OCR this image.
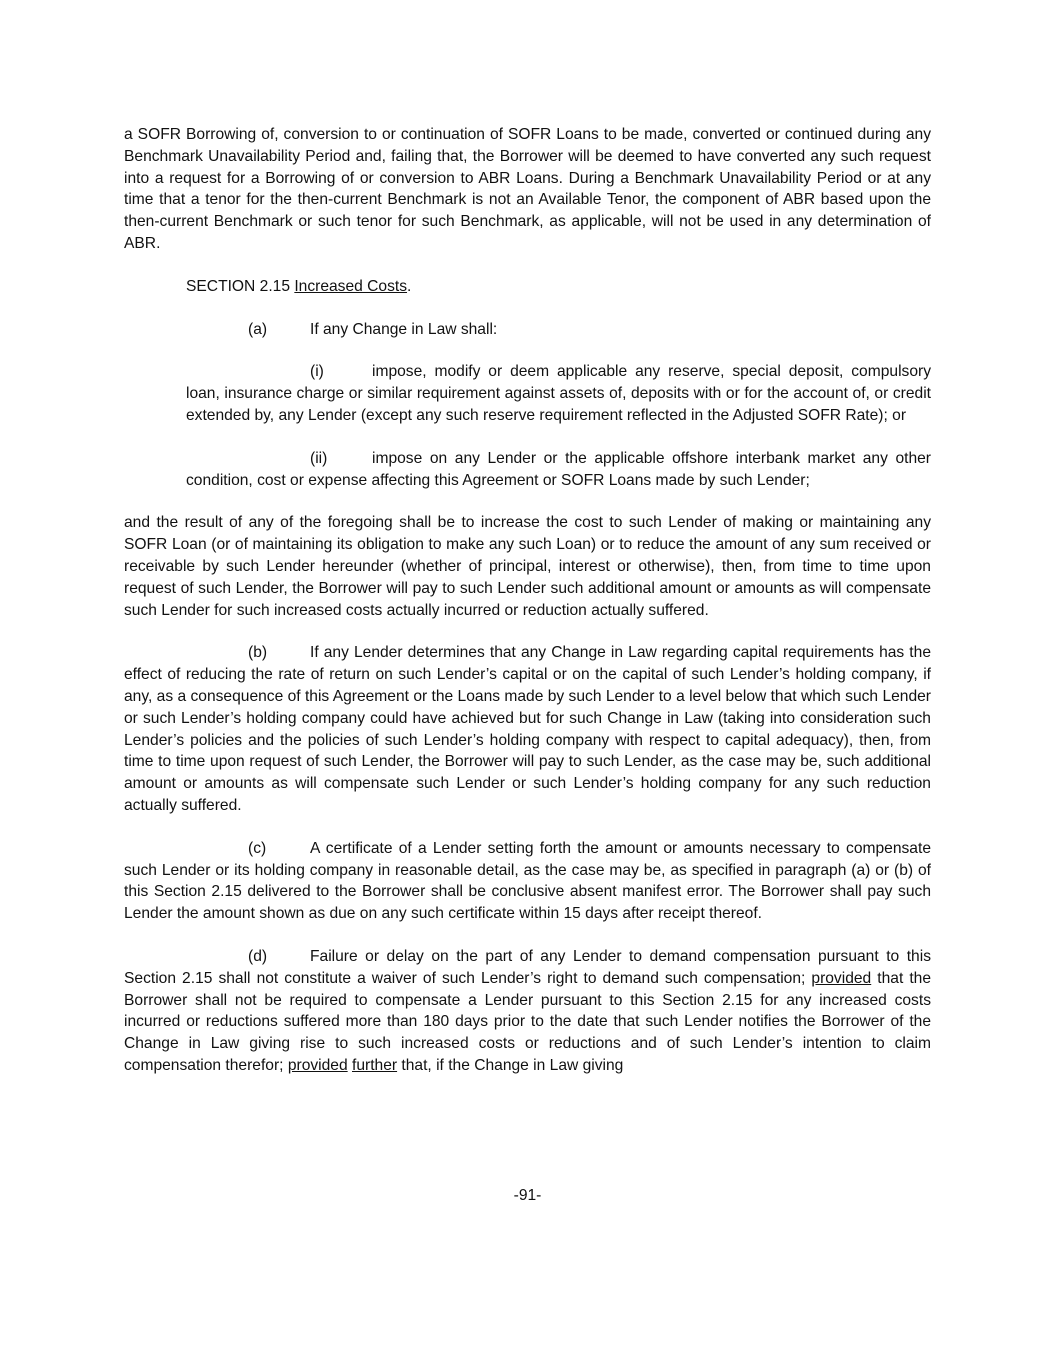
a SOFR Borrowing of, conversion to or continuation of SOFR Loans to be made, converted or continued during any Benchmark Unavailability Period and, failing that, the Borrower will be deemed to have converted any such request into a request for a Borrowing of or conversion to ABR Loans. During a Benchmark Unavailability Period or at any time that a tenor for the then-current Benchmark is not an Available Tenor, the component of ABR based upon the then-current Benchmark or such tenor for such Benchmark, as applicable, will not be used in any determination of ABR.

SECTION 2.15 Increased Costs.

(a)	If any Change in Law shall:

(i)	impose, modify or deem applicable any reserve, special deposit, compulsory loan, insurance charge or similar requirement against assets of, deposits with or for the account of, or credit extended by, any Lender (except any such reserve requirement reflected in the Adjusted SOFR Rate); or

(ii)	impose on any Lender or the applicable offshore interbank market any other condition, cost or expense affecting this Agreement or SOFR Loans made by such Lender;

and the result of any of the foregoing shall be to increase the cost to such Lender of making or maintaining any SOFR Loan (or of maintaining its obligation to make any such Loan) or to reduce the amount of any sum received or receivable by such Lender hereunder (whether of principal, interest or otherwise), then, from time to time upon request of such Lender, the Borrower will pay to such Lender such additional amount or amounts as will compensate such Lender for such increased costs actually incurred or reduction actually suffered.

(b)	If any Lender determines that any Change in Law regarding capital requirements has the effect of reducing the rate of return on such Lender’s capital or on the capital of such Lender’s holding company, if any, as a consequence of this Agreement or the Loans made by such Lender to a level below that which such Lender or such Lender’s holding company could have achieved but for such Change in Law (taking into consideration such Lender’s policies and the policies of such Lender’s holding company with respect to capital adequacy), then, from time to time upon request of such Lender, the Borrower will pay to such Lender, as the case may be, such additional amount or amounts as will compensate such Lender or such Lender’s holding company for any such reduction actually suffered.

(c)	A certificate of a Lender setting forth the amount or amounts necessary to compensate such Lender or its holding company in reasonable detail, as the case may be, as specified in paragraph (a) or (b) of this Section 2.15 delivered to the Borrower shall be conclusive absent manifest error. The Borrower shall pay such Lender the amount shown as due on any such certificate within 15 days after receipt thereof.

(d)	Failure or delay on the part of any Lender to demand compensation pursuant to this Section 2.15 shall not constitute a waiver of such Lender’s right to demand such compensation; provided that the Borrower shall not be required to compensate a Lender pursuant to this Section 2.15 for any increased costs incurred or reductions suffered more than 180 days prior to the date that such Lender notifies the Borrower of the Change in Law giving rise to such increased costs or reductions and of such Lender’s intention to claim compensation therefor; provided further that, if the Change in Law giving

-91-
